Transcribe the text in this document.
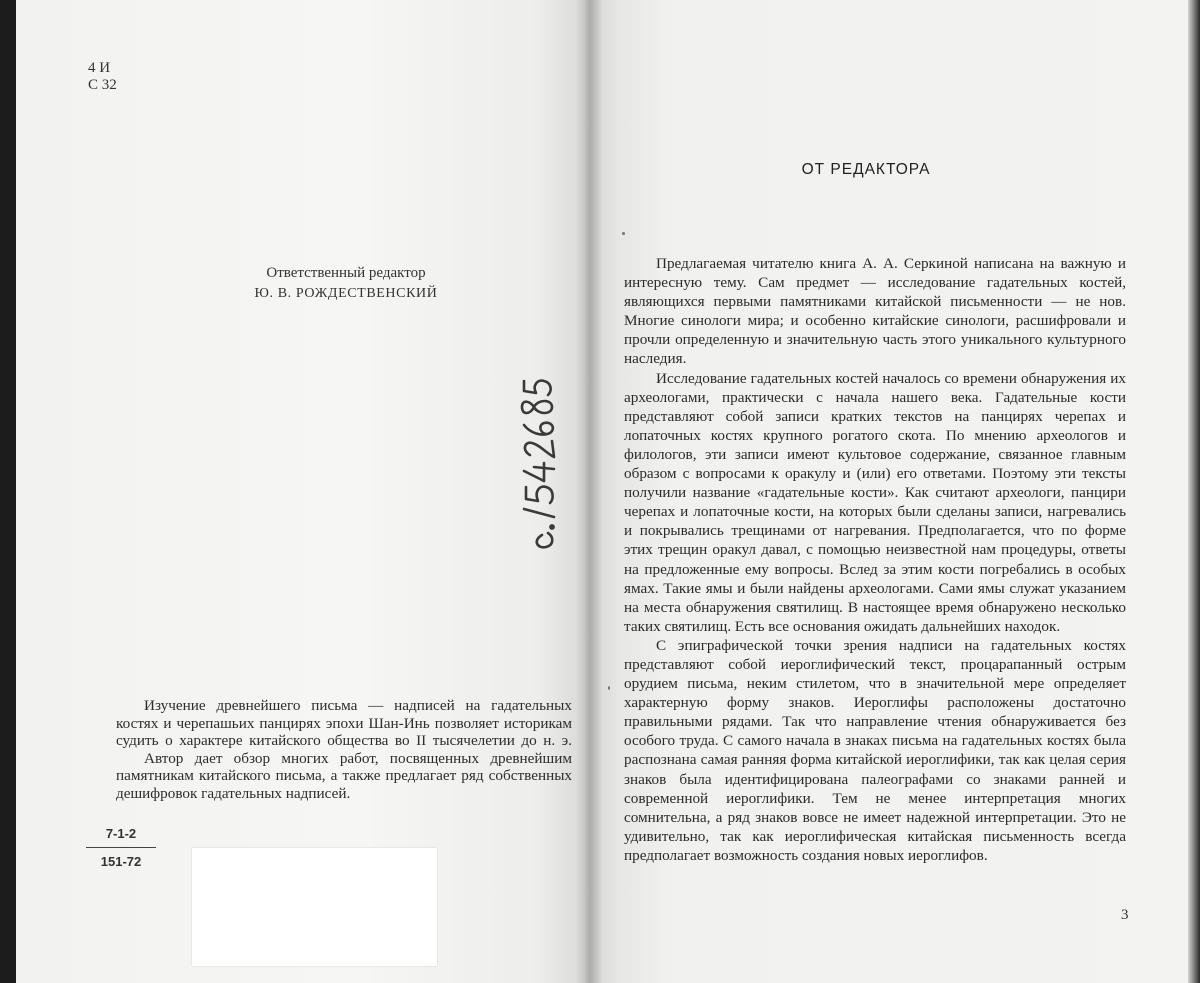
4 И
С 32
Ответственный редактор
Ю. В. РОЖДЕСТВЕНСКИЙ

Изучение древнейшего письма — надписей на гадательных костях и черепашьих панцирях эпохи Шан-Инь позволяет историкам судить о характере китайского общества во II тысячелетии до н. э.

Автор дает обзор многих работ, посвященных древнейшим памятникам китайского письма, а также предлагает ряд собственных дешифровок гадательных надписей.

7-1-2
151-72
ОТ РЕДАКТОРА

Предлагаемая читателю книга А. А. Серкиной написана на важную и интересную тему. Сам предмет — исследование гадательных костей, являющихся первыми памятниками китайской письменности — не нов. Многие синологи мира; и особенно китайские синологи, расшифровали и прочли определенную и значительную часть этого уникального культурного наследия.

Исследование гадательных костей началось со времени обнаружения их археологами, практически с начала нашего века. Гадательные кости представляют собой записи кратких текстов на панцирях черепах и лопаточных костях крупного рогатого скота. По мнению археологов и филологов, эти записи имеют культовое содержание, связанное главным образом с вопросами к оракулу и (или) его ответами. Поэтому эти тексты получили название «гадательные кости». Как считают археологи, панцири черепах и лопаточные кости, на которых были сделаны записи, нагревались и покрывались трещинами от нагревания. Предполагается, что по форме этих трещин оракул давал, с помощью неизвестной нам процедуры, ответы на предложенные ему вопросы. Вслед за этим кости погребались в особых ямах. Такие ямы и были найдены археологами. Сами ямы служат указанием на места обнаружения святилищ. В настоящее время обнаружено несколько таких святилищ. Есть все основания ожидать дальнейших находок.

С эпиграфической точки зрения надписи на гадательных костях представляют собой иероглифический текст, процарапанный острым орудием письма, неким стилетом, что в значительной мере определяет характерную форму знаков. Иероглифы расположены достаточно правильными рядами. Так что направление чтения обнаруживается без особого труда. С самого начала в знаках письма на гадательных костях была распознана самая ранняя форма китайской иероглифики, так как целая серия знаков была идентифицирована палеографами со знаками ранней и современной иероглифики. Тем не менее интерпретация многих сомнительна, а ряд знаков вовсе не имеет надежной интерпретации. Это не удивительно, так как иероглифическая китайская письменность всегда предполагает возможность создания новых иероглифов.

3
